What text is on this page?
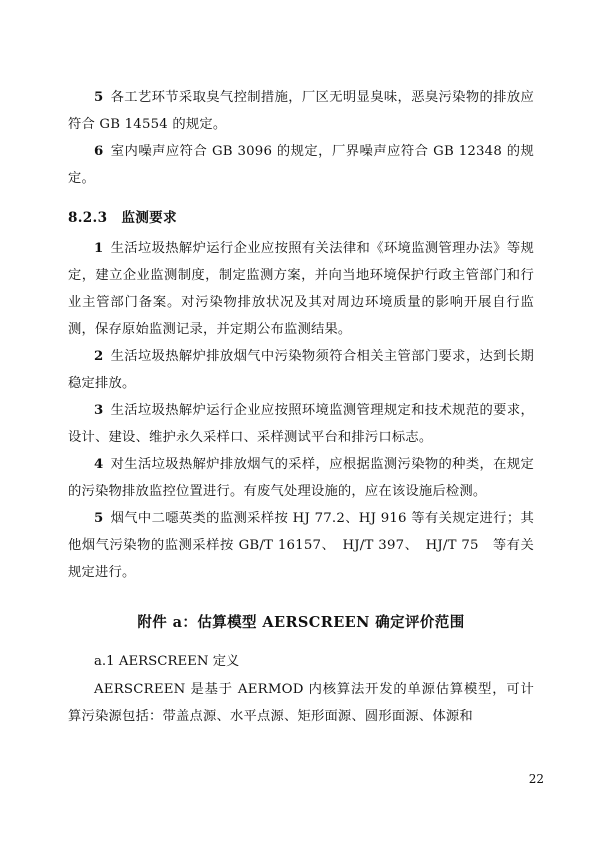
5 各工艺环节采取臭气控制措施，厂区无明显臭味，恶臭污染物的排放应符合 GB 14554 的规定。

6 室内噪声应符合 GB 3096 的规定，厂界噪声应符合 GB 12348 的规定。

8.2.3 监测要求

1 生活垃圾热解炉运行企业应按照有关法律和《环境监测管理办法》等规定，建立企业监测制度，制定监测方案，并向当地环境保护行政主管部门和行业主管部门备案。对污染物排放状况及其对周边环境质量的影响开展自行监测，保存原始监测记录，并定期公布监测结果。

2 生活垃圾热解炉排放烟气中污染物须符合相关主管部门要求，达到长期稳定排放。

3 生活垃圾热解炉运行企业应按照环境监测管理规定和技术规范的要求，设计、建设、维护永久采样口、采样测试平台和排污口标志。

4 对生活垃圾热解炉排放烟气的采样，应根据监测污染物的种类，在规定的污染物排放监控位置进行。有废气处理设施的，应在该设施后检测。

5 烟气中二噁英类的监测采样按 HJ 77.2、HJ 916 等有关规定进行；其他烟气污染物的监测采样按 GB/T 16157、　HJ/T 397、　HJ/T 75　等有关规定进行。

附件 a：估算模型 AERSCREEN 确定评价范围

a.1 AERSCREEN 定义

AERSCREEN 是基于 AERMOD 内核算法开发的单源估算模型，可计算污染源包括：带盖点源、水平点源、矩形面源、圆形面源、体源和

22
